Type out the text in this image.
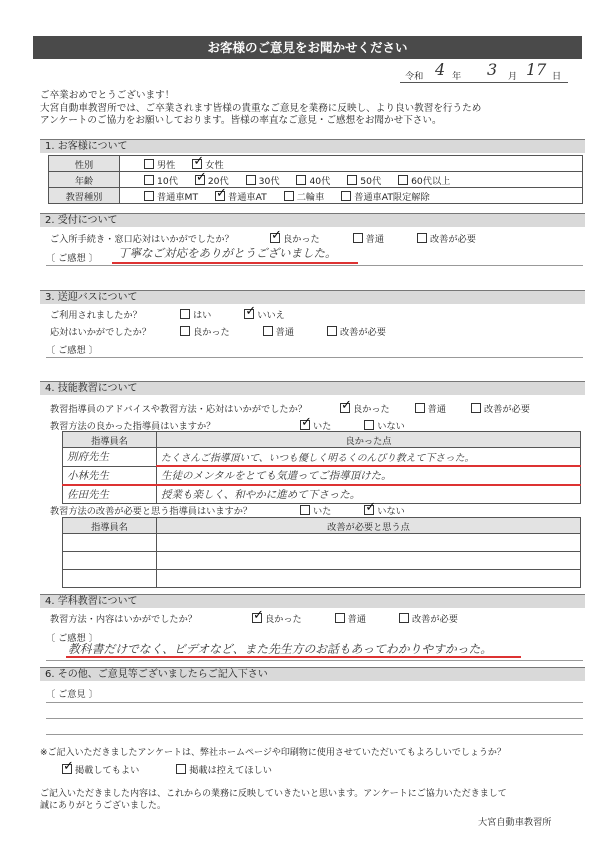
お客様のご意見をお聞かせください
令和 4 年 3 月 17 日
ご卒業おめでとうございます！
大宮自動車教習所では、ご卒業されます皆様の貴重なご意見を業務に反映し、より良い教習を行うため
アンケートのご協力をお願いしております。皆様の率直なご意見・ご感想をお聞かせ下さい。
1. お客様について
性別	男性 ✓ 女性
年齢	10代 ✓ 20代 30代 40代 50代 60代以上
教習種別	普通車MT ✓ 普通車AT 二輪車 普通車AT限定解除
2. 受付について
ご入所手続き・窓口応対はいかがでしたか？ ✓	良かった	普通	改善が必要
〔 ご感想 〕 丁寧なご対応をありがとうございました。
3. 送迎バスについて
ご利用されましたか？	はい ✓	いいえ
応対はいかがでしたか？	良かった	普通	改善が必要
〔 ご感想 〕
4. 技能教習について
教習指導員のアドバイスや教習方法・応対はいかがでしたか？ ✓	良かった	普通	改善が必要
教習方法の良かった指導員はいますか？ ✓	いた	いない
指導員名	良かった点
別府先生	たくさんご指導頂いて、いつも優しく明るくのんびり教えて下さった。
小林先生	生徒のメンタルをとても気遣ってご指導頂けた。
佐田先生	授業も楽しく、和やかに進めて下さった。
教習方法の改善が必要と思う指導員はいますか？	いた ✓	いない
指導員名	改善が必要と思う点

4. 学科教習について
教習方法・内容はいかがでしたか？ ✓	良かった	普通	改善が必要
〔 ご感想 〕
教科書だけでなく、ビデオなど、また先生方のお話もあってわかりやすかった。
6. その他、ご意見等ございましたらご記入下さい
〔 ご意見 〕
※ご記入いただきましたアンケートは、弊社ホームページや印刷物に使用させていただいてもよろしいでしょうか？
✓掲載してもよい	掲載は控えてほしい
ご記入いただきました内容は、これからの業務に反映していきたいと思います。アンケートにご協力いただきまして
誠にありがとうございました。
大宮自動車教習所
